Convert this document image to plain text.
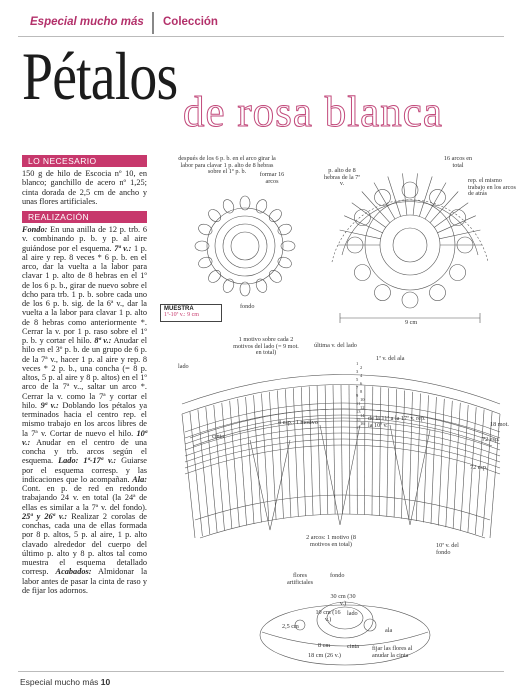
Especial mucho más Colección
Pétalos de rosa blanca
LO NECESARIO
150 g de hilo de Escocia nº 10, en blanco; ganchillo de acero nº 1,25; cinta dorada de 2,5 cm de ancho y unas flores artificiales.
REALIZACIÓN
Fondo: En una anilla de 12 p. trb. 6 v. combinando p. b. y p. al aire guiándose por el esquema. 7ª v.: 1 p. al aire y rep. 8 veces * 6 p. b. en el arco, dar la vuelta a la labor para clavar 1 p. alto de 8 hebras en el 1º de los 6 p. b., girar de nuevo sobre el dcho para trb. 1 p. b. sobre cada uno de los 6 p. b. sig. de la 6ª v., dar la vuelta a la labor para clavar 1 p. alto de 8 hebras como anteriormente *. Cerrar la v. por 1 p. raso sobre el 1º p. b. y cortar el hilo. 8ª v.: Anudar el hilo en el 3º p. b. de un grupo de 6 p. de la 7ª v., hacer 1 p. al aire y rep. 8 veces * 2 p. b., una concha (= 8 p. altos, 5 p. al aire y 8 p. altos) en el 1º arco de la 7ª v.., saltar un arco *. Cerrar la v. como la 7ª y cortar el hilo. 9ª v.: Doblando los pétalos ya terminados hacia el centro rep. el mismo trabajo en los arcos libres de la 7ª v. Cortar de nuevo el hilo. 10ª v.: Anudar en el centro de una concha y trb. arcos según el esquema. Lado: 1ª-17ª v.: Guiarse por el esquema corresp. y las indicaciones que lo acompañan. Ala: Cont. en p. de red en redondo trabajando 24 v. en total (la 24ª de ellas es similar a la 7ª v. del fondo). 25ª y 26ª v.: Realizar 2 corolas de conchas, cada una de ellas formada por 8 p. altos, 5 p. al aire, 1 p. alto clavado alrededor del cuerpo del último p. alto y 8 p. altos tal como muestra el esquema detallado corresp. Acabados: Almidonar la labor antes de pasar la cinta de raso y de fijar los adornos.
después de los 6 p. b. en el arco girar la labor para clavar 1 p. alto de 8 hebras sobre el 1º p. b.	formar 16 arcos
p. alto de 8 hebras de la 7ª v.
16 arcos en total
rep. el mismo trabajo en los arcos de atrás
fondo
9 cm
MUESTRA
1ª-10ª v.: 9 cm
1 motivo sobre cada 2 motivos del lado (= 9 mot. en total)
última v. del lado
1ª v. del ala
lado
4 esp.: 1 motivo
de la 11ª a la 17ª v. rep. la 10ª v.	18 mot.
72 esp.
72 esp.
cinta
2 arcos: 1 motivo (8 motivos en total)	10ª v. del fondo
flores artificiales
fondo
30 cm (30 v.)
10 cm (16 v.)
lado
ala
2,5 cm
8 cm	cinta
18 cm (26 v.)
fijar las flores al anudar la cinta
1
2
3
4
5
6
7
8
9
10
11
12
13
14
15
16
17
Especial mucho más 10
